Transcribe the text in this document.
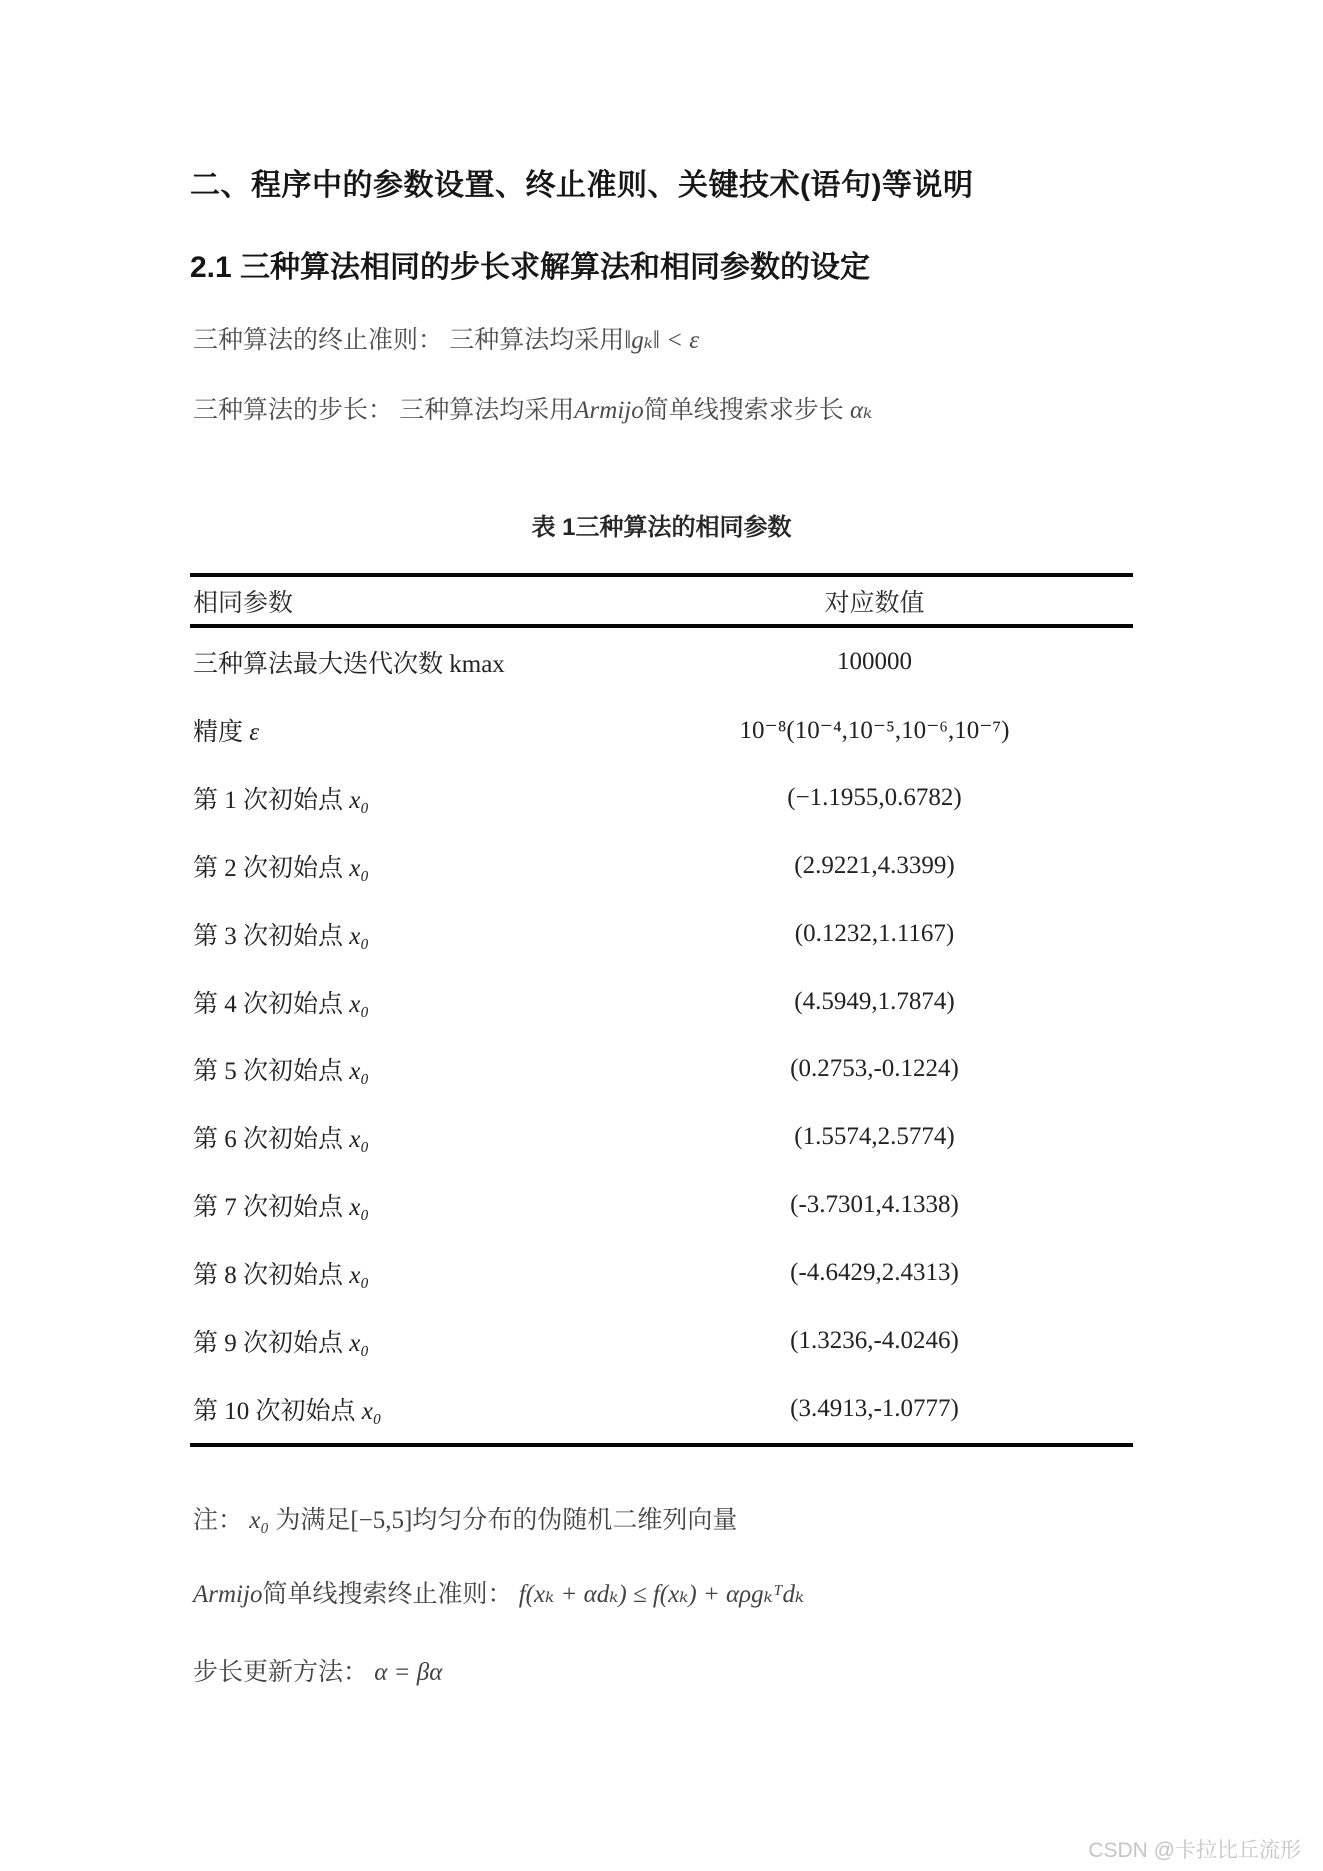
二、程序中的参数设置、终止准则、关键技术(语句)等说明
2.1 三种算法相同的步长求解算法和相同参数的设定
三种算法的终止准则： 三种算法均采用‖gₖ‖ < ε
三种算法的步长： 三种算法均采用Armijo简单线搜索求步长 αₖ
表 1三种算法的相同参数
相同参数	对应数值
三种算法最大迭代次数 kmax	100000
精度 ε	10⁻⁸(10⁻⁴,10⁻⁵,10⁻⁶,10⁻⁷)
第 1 次初始点 x₀	(−1.1955,0.6782)
第 2 次初始点 x₀	(2.9221,4.3399)
第 3 次初始点 x₀	(0.1232,1.1167)
第 4 次初始点 x₀	(4.5949,1.7874)
第 5 次初始点 x₀	(0.2753,-0.1224)
第 6 次初始点 x₀	(1.5574,2.5774)
第 7 次初始点 x₀	(-3.7301,4.1338)
第 8 次初始点 x₀	(-4.6429,2.4313)
第 9 次初始点 x₀	(1.3236,-4.0246)
第 10 次初始点 x₀	(3.4913,-1.0777)
注： x₀ 为满足[−5,5]均匀分布的伪随机二维列向量
Armijo简单线搜索终止准则： f(xₖ + αdₖ) ≤ f(xₖ) + αρgₖᵀdₖ
步长更新方法： α = βα
CSDN @卡拉比丘流形
